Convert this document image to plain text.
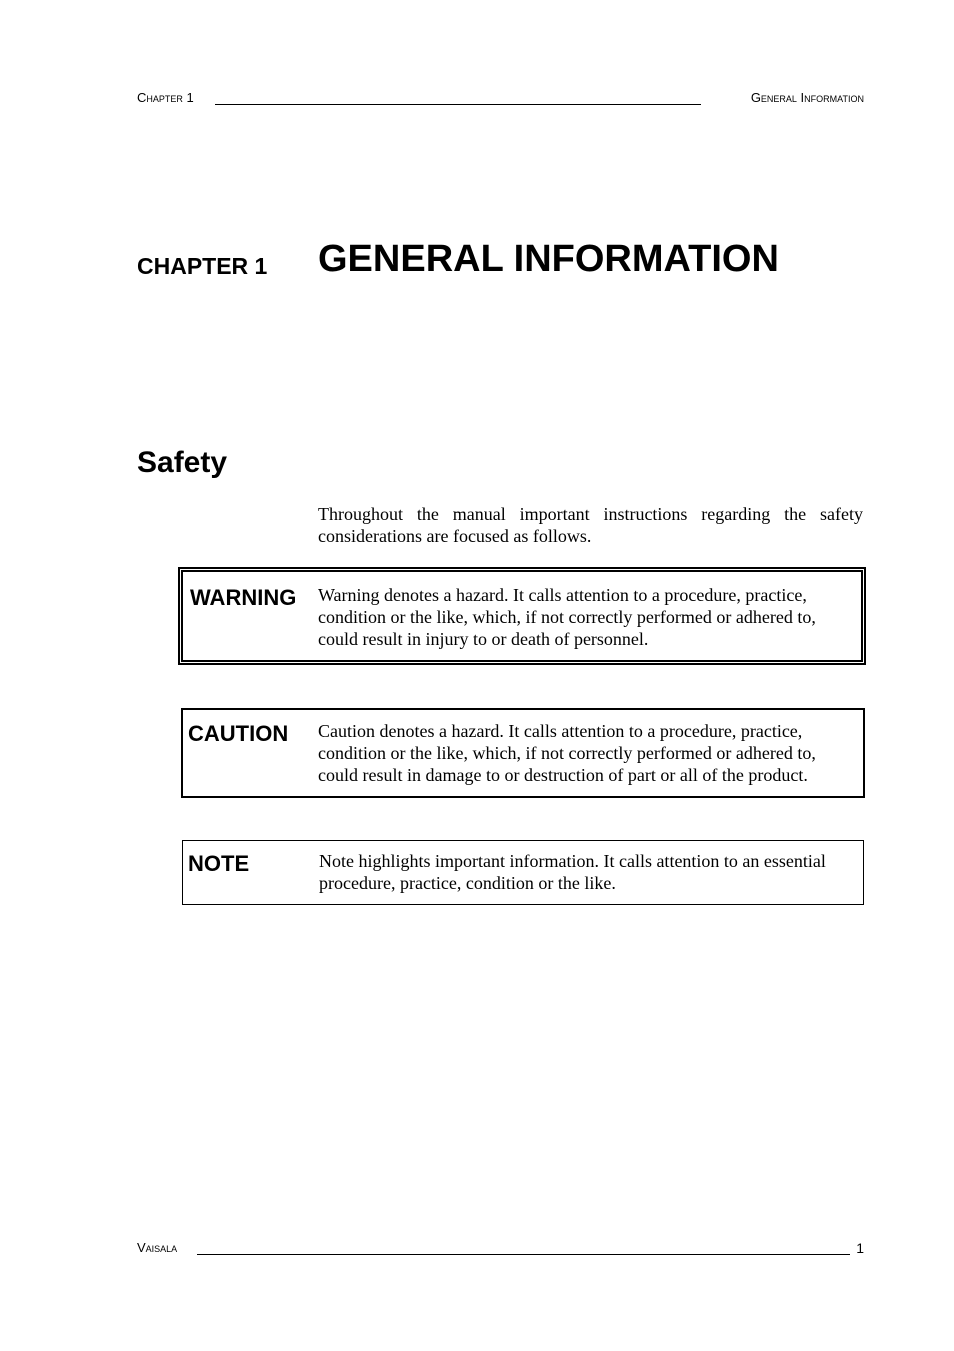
Chapter 1	General Information
CHAPTER 1 GENERAL INFORMATION
Safety
Throughout the manual important instructions regarding the safety considerations are focused as follows.
WARNING Warning denotes a hazard. It calls attention to a procedure, practice, condition or the like, which, if not correctly performed or adhered to, could result in injury to or death of personnel.
CAUTION Caution denotes a hazard. It calls attention to a procedure, practice, condition or the like, which, if not correctly performed or adhered to, could result in damage to or destruction of part or all of the product.
NOTE	Note highlights important information. It calls attention to an essential procedure, practice, condition or the like.
Vaisala	1
